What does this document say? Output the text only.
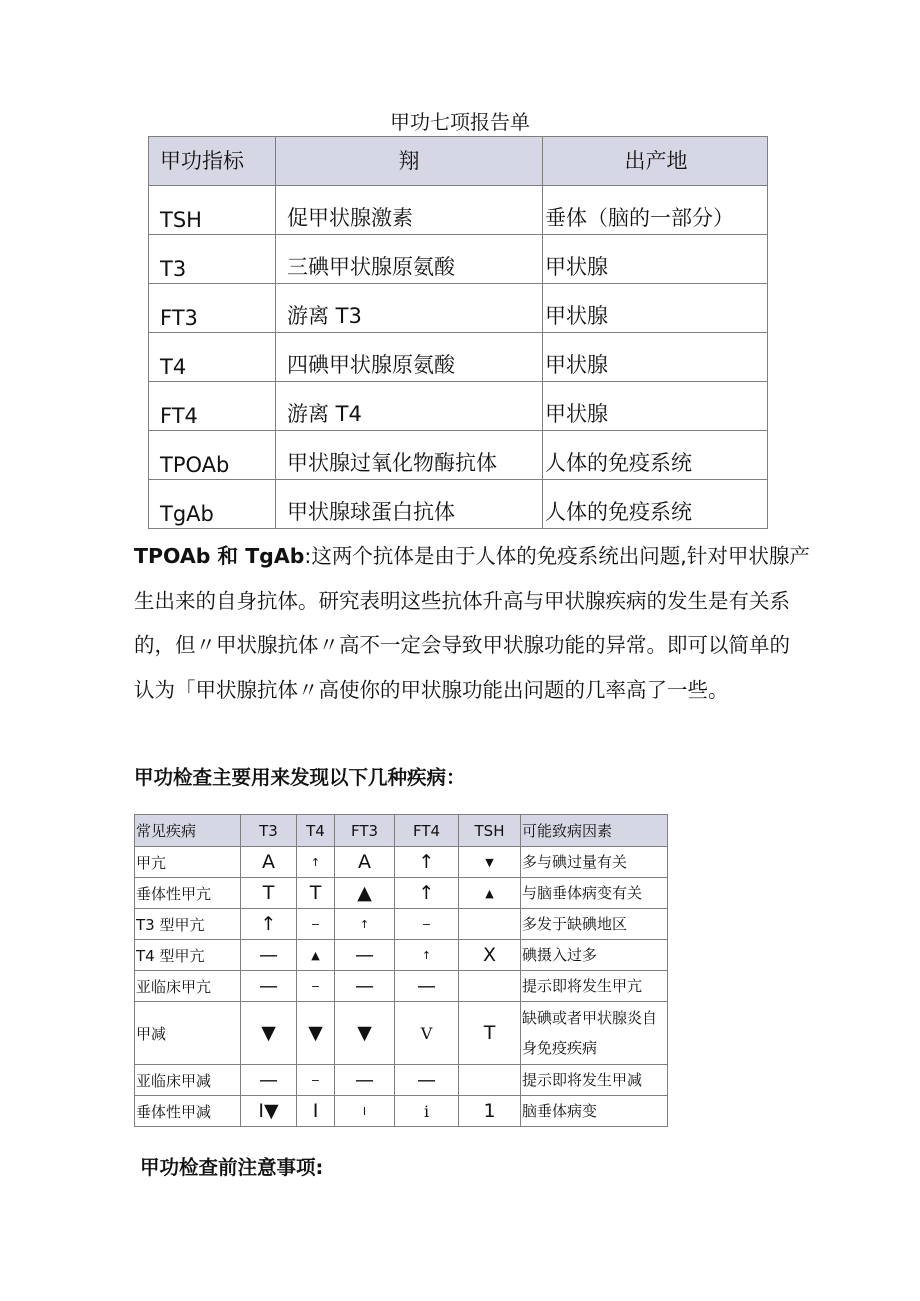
甲功七项报告单
甲功指标	翔	出产地
TSH	促甲状腺激素	垂体（脑的一部分）
T3	三碘甲状腺原氨酸	甲状腺
FT3	游离 T3	甲状腺
T4	四碘甲状腺原氨酸	甲状腺
FT4	游离 T4	甲状腺
TPOAb	甲状腺过氧化物酶抗体	人体的免疫系统
TgAb	甲状腺球蛋白抗体	人体的免疫系统
TPOAb 和 TgAb:这两个抗体是由于人体的免疫系统出问题,针对甲状腺产
生出来的自身抗体。研究表明这些抗体升高与甲状腺疾病的发生是有关系
的，但〃甲状腺抗体〃高不一定会导致甲状腺功能的异常。即可以简单的
认为「甲状腺抗体〃高使你的甲状腺功能出问题的几率高了一些。
甲功检查主要用来发现以下几种疾病：
常见疾病	T3	T4	FT3	FT4	TSH	可能致病因素
甲亢	A	↑	A	↑	▼	多与碘过量有关
垂体性甲亢	T	T	▲	↑	▲	与脑垂体病变有关
T3 型甲亢	↑	−	↑	−		多发于缺碘地区
T4 型甲亢	—	▲	—	↑	X	碘摄入过多
亚临床甲亢	—	−	—	—		提示即将发生甲亢
甲减	▼	▼	▼	V	T	缺碘或者甲状腺炎自
身免疫疾病

亚临床甲减	—	−	—	—		提示即将发生甲减
垂体性甲减	I▼	I	I	i	1	脑垂体病变
甲功检查前注意事项:
